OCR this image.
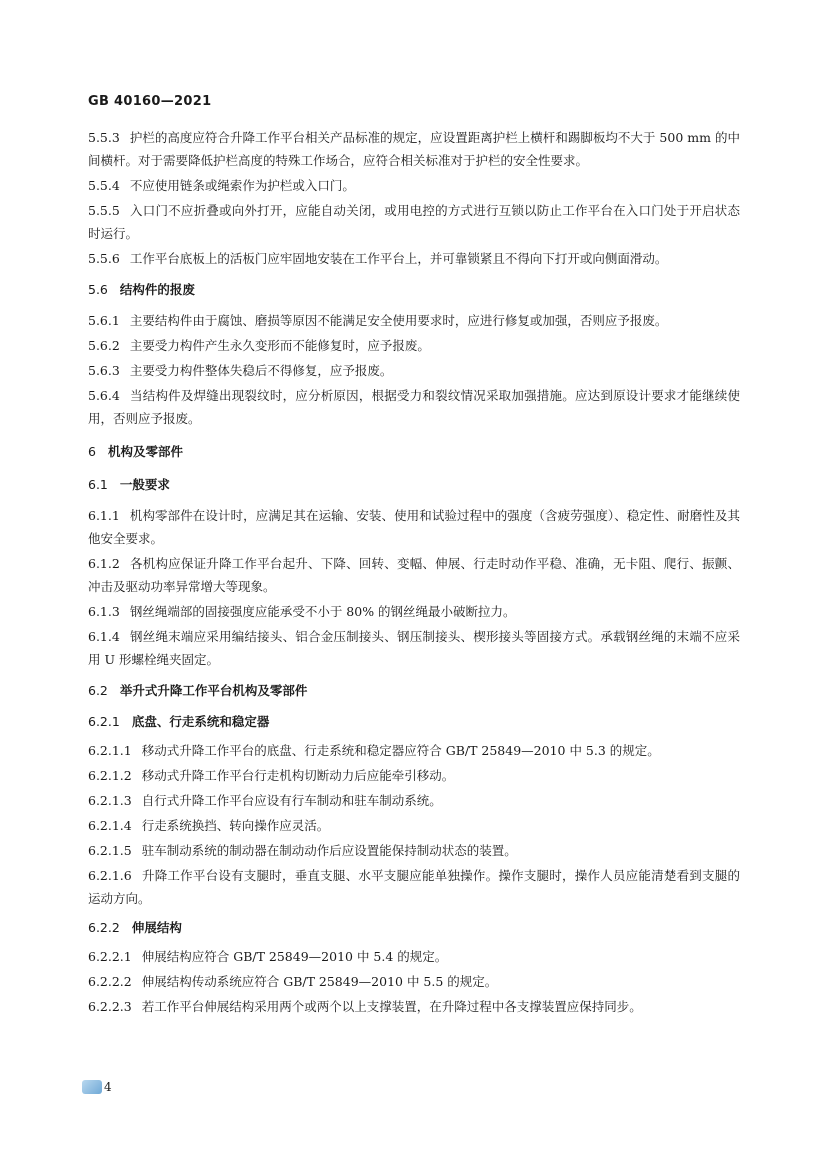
GB 40160—2021
5.5.3 护栏的高度应符合升降工作平台相关产品标准的规定，应设置距离护栏上横杆和踢脚板均不大于 500 mm 的中间横杆。对于需要降低护栏高度的特殊工作场合，应符合相关标准对于护栏的安全性要求。
5.5.4 不应使用链条或绳索作为护栏或入口门。
5.5.5 入口门不应折叠或向外打开，应能自动关闭，或用电控的方式进行互锁以防止工作平台在入口门处于开启状态时运行。
5.5.6 工作平台底板上的活板门应牢固地安装在工作平台上，并可靠锁紧且不得向下打开或向侧面滑动。
5.6 结构件的报废
5.6.1 主要结构件由于腐蚀、磨损等原因不能满足安全使用要求时，应进行修复或加强，否则应予报废。
5.6.2 主要受力构件产生永久变形而不能修复时，应予报废。
5.6.3 主要受力构件整体失稳后不得修复，应予报废。
5.6.4 当结构件及焊缝出现裂纹时，应分析原因，根据受力和裂纹情况采取加强措施。应达到原设计要求才能继续使用，否则应予报废。
6 机构及零部件
6.1 一般要求
6.1.1 机构零部件在设计时，应满足其在运输、安装、使用和试验过程中的强度（含疲劳强度）、稳定性、耐磨性及其他安全要求。
6.1.2 各机构应保证升降工作平台起升、下降、回转、变幅、伸展、行走时动作平稳、准确，无卡阻、爬行、振颤、冲击及驱动功率异常增大等现象。
6.1.3 钢丝绳端部的固接强度应能承受不小于 80% 的钢丝绳最小破断拉力。
6.1.4 钢丝绳末端应采用编结接头、铝合金压制接头、钢压制接头、楔形接头等固接方式。承载钢丝绳的末端不应采用 U 形螺栓绳夹固定。
6.2 举升式升降工作平台机构及零部件
6.2.1 底盘、行走系统和稳定器
6.2.1.1 移动式升降工作平台的底盘、行走系统和稳定器应符合 GB/T 25849—2010 中 5.3 的规定。
6.2.1.2 移动式升降工作平台行走机构切断动力后应能牵引移动。
6.2.1.3 自行式升降工作平台应设有行车制动和驻车制动系统。
6.2.1.4 行走系统换挡、转向操作应灵活。
6.2.1.5 驻车制动系统的制动器在制动动作后应设置能保持制动状态的装置。
6.2.1.6 升降工作平台设有支腿时，垂直支腿、水平支腿应能单独操作。操作支腿时，操作人员应能清楚看到支腿的运动方向。
6.2.2 伸展结构
6.2.2.1 伸展结构应符合 GB/T 25849—2010 中 5.4 的规定。
6.2.2.2 伸展结构传动系统应符合 GB/T 25849—2010 中 5.5 的规定。
6.2.2.3 若工作平台伸展结构采用两个或两个以上支撑装置，在升降过程中各支撑装置应保持同步。
4
